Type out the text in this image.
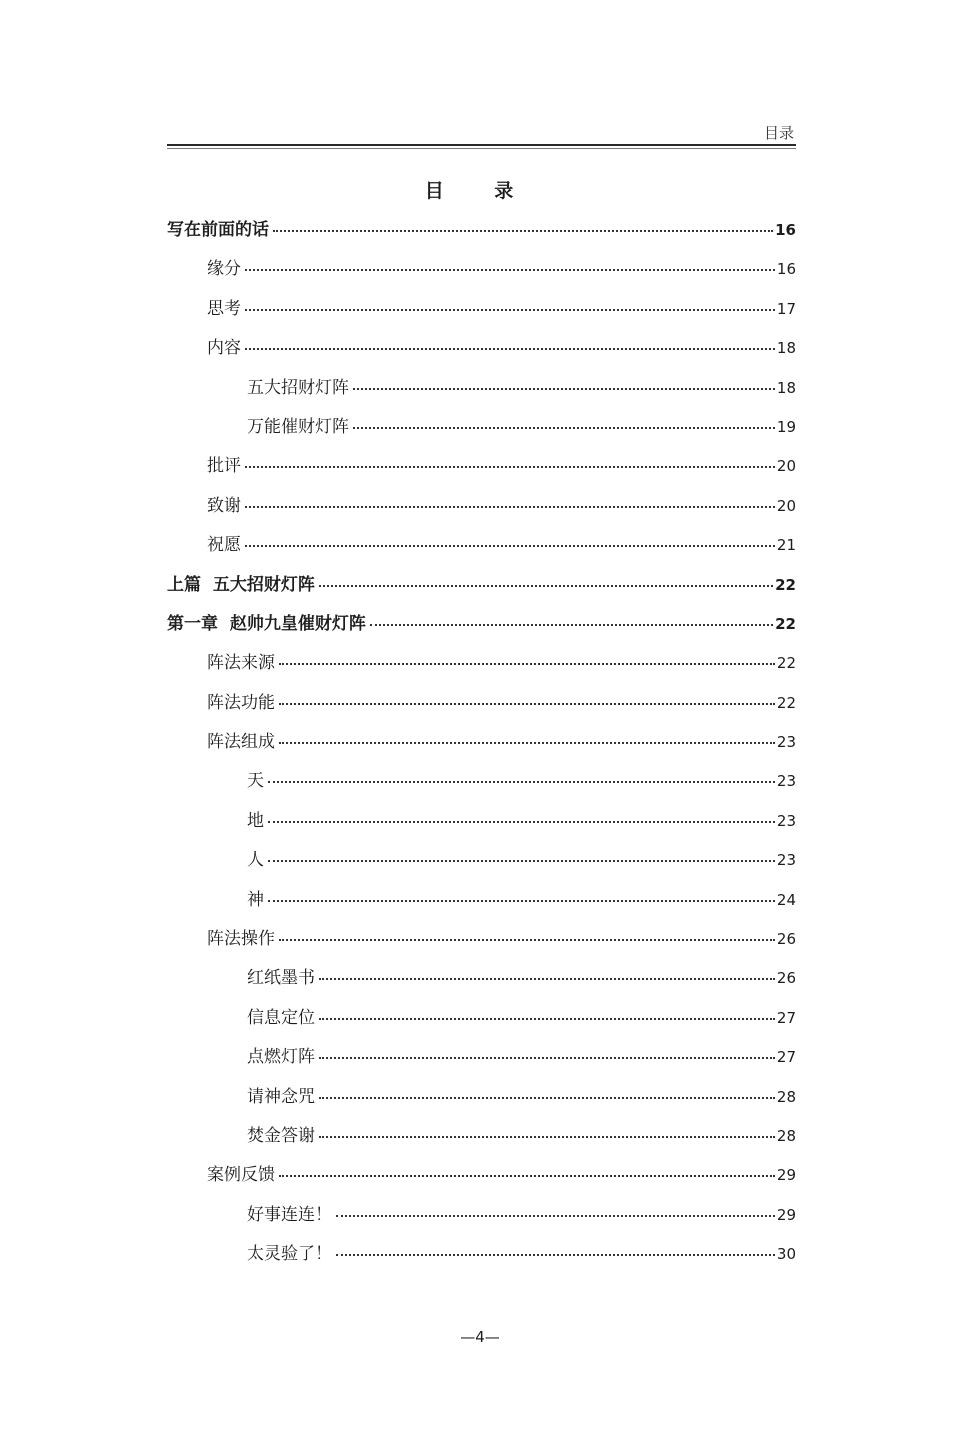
目录
目 录
写在前面的话	16
缘分	16
思考	17
内容	18
五大招财灯阵	18
万能催财灯阵	19
批评	20
致谢	20
祝愿	21
上篇  五大招财灯阵	22
第一章  赵帅九皇催财灯阵	22
阵法来源	22
阵法功能	22
阵法组成	23
天	23
地	23
人	23
神	24
阵法操作	26
红纸墨书	26
信息定位	27
点燃灯阵	27
请神念咒	28
焚金答谢	28
案例反馈	29
好事连连！	29
太灵验了！	30
—4—
